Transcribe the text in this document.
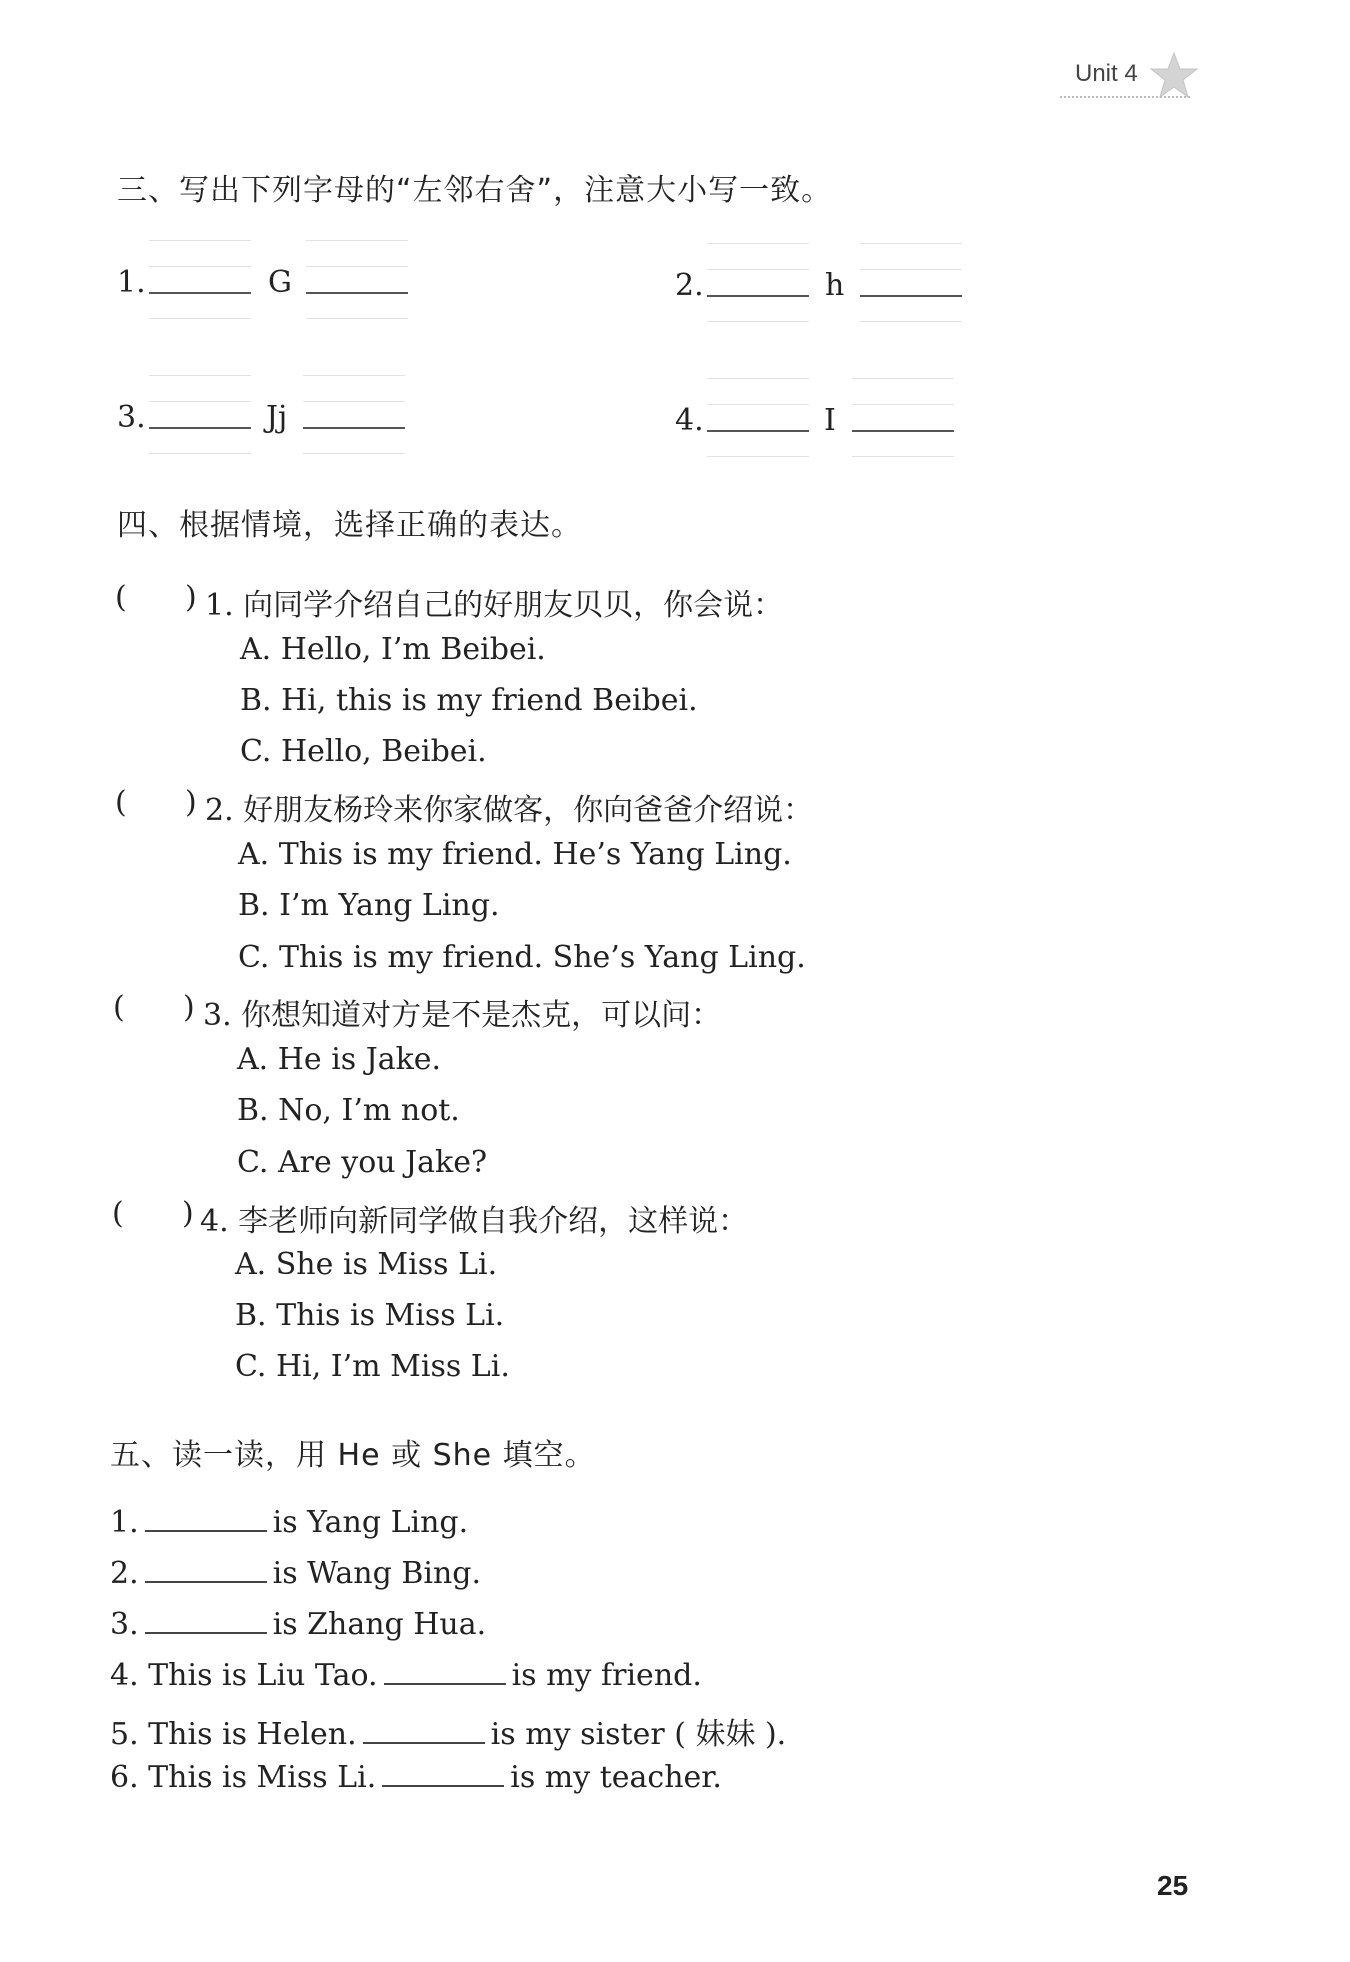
Unit 4
三、写出下列字母的“左邻右舍”，注意大小写一致。
1.	G	2.	h
3.	Jj	4.	I
四、根据情境，选择正确的表达。
( ) 1. 向同学介绍自己的好朋友贝贝，你会说：
A. Hello, I’m Beibei.
B. Hi, this is my friend Beibei.
C. Hello, Beibei.
( ) 2. 好朋友杨玲来你家做客，你向爸爸介绍说：
A. This is my friend. He’s Yang Ling.
B. I’m Yang Ling.
C. This is my friend. She’s Yang Ling.
( ) 3. 你想知道对方是不是杰克，可以问：
A. He is Jake.
B. No, I’m not.
C. Are you Jake?
( ) 4. 李老师向新同学做自我介绍，这样说：
A. She is Miss Li.
B. This is Miss Li.
C. Hi, I’m Miss Li.
五、读一读，用 He 或 She 填空。
1.	is Yang Ling.
2.	is Wang Bing.
3.	is Zhang Hua.
4. This is Liu Tao.	is my friend.
5. This is Helen.	is my sister ( 妹妹 ).
6. This is Miss Li.	is my teacher.
25
